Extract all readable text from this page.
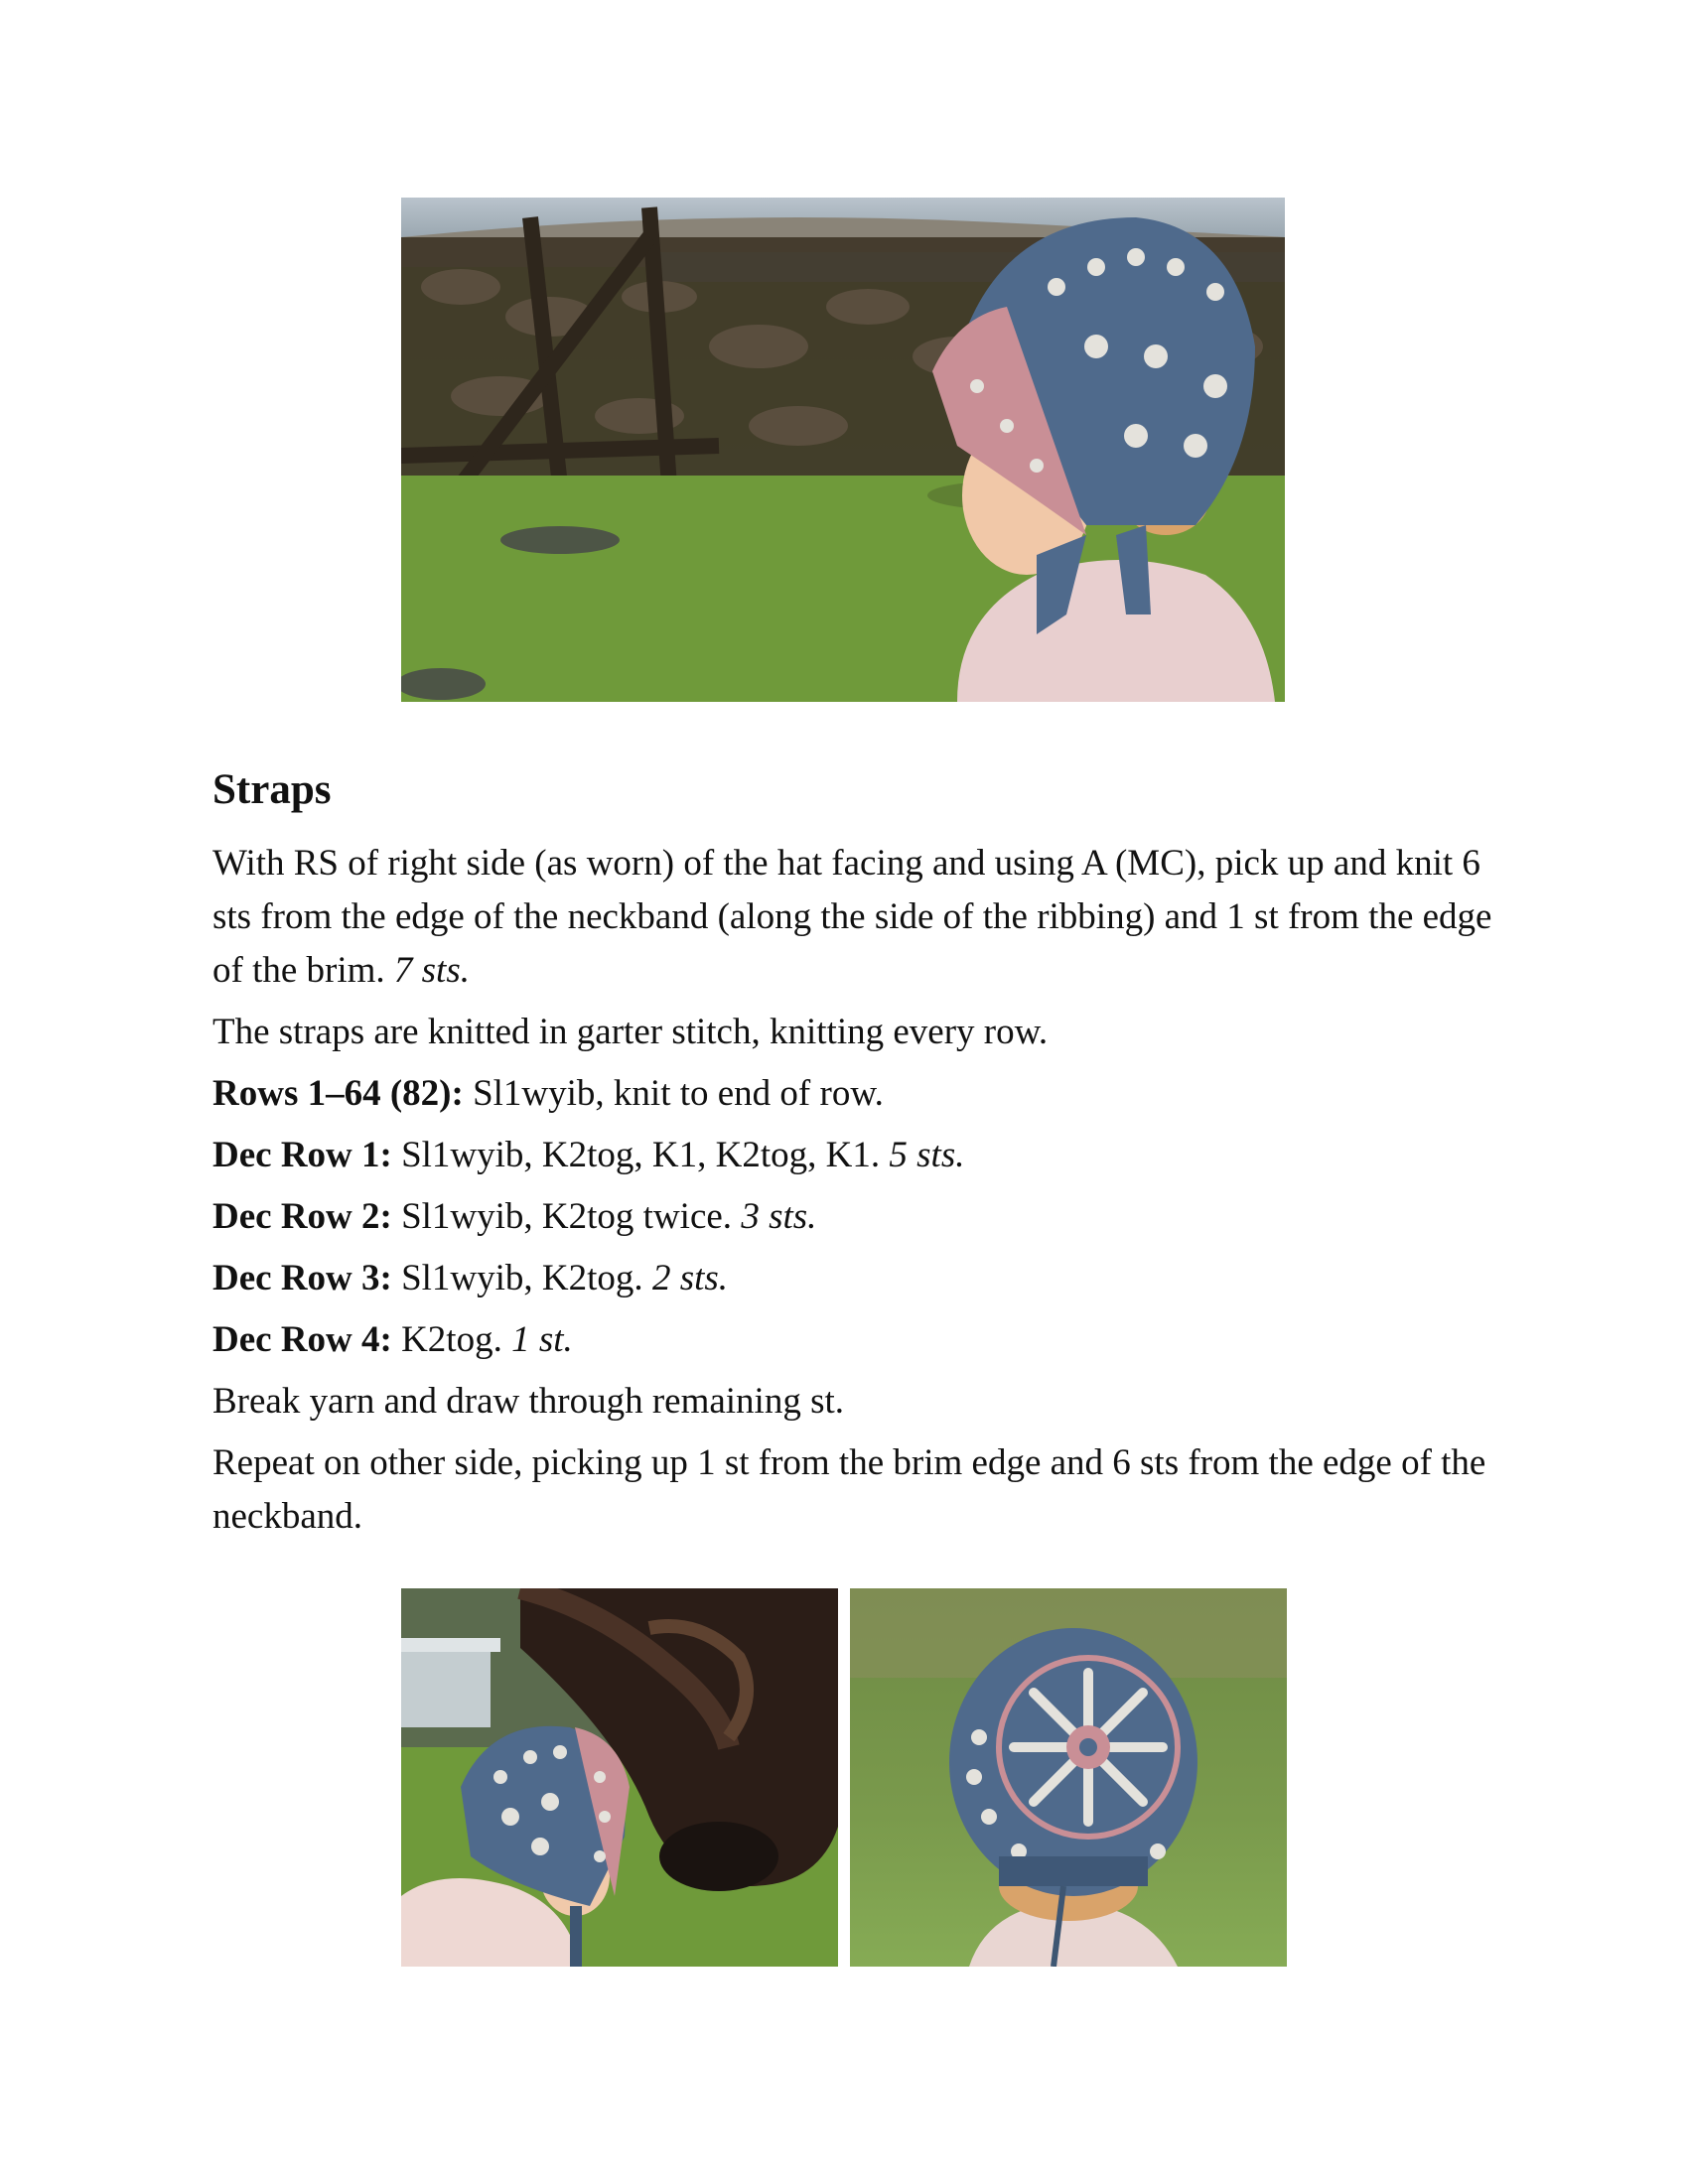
Straps

With RS of right side (as worn) of the hat facing and using A (MC), pick up and knit 6 sts from the edge of the neckband (along the side of the ribbing) and 1 st from the edge of the brim. 7 sts.

The straps are knitted in garter stitch, knitting every row.

Rows 1–64 (82): Sl1wyib, knit to end of row.

Dec Row 1: Sl1wyib, K2tog, K1, K2tog, K1. 5 sts.

Dec Row 2: Sl1wyib, K2tog twice. 3 sts.

Dec Row 3: Sl1wyib, K2tog. 2 sts.

Dec Row 4: K2tog. 1 st.

Break yarn and draw through remaining st.

Repeat on other side, picking up 1 st from the brim edge and 6 sts from the edge of the neckband.
